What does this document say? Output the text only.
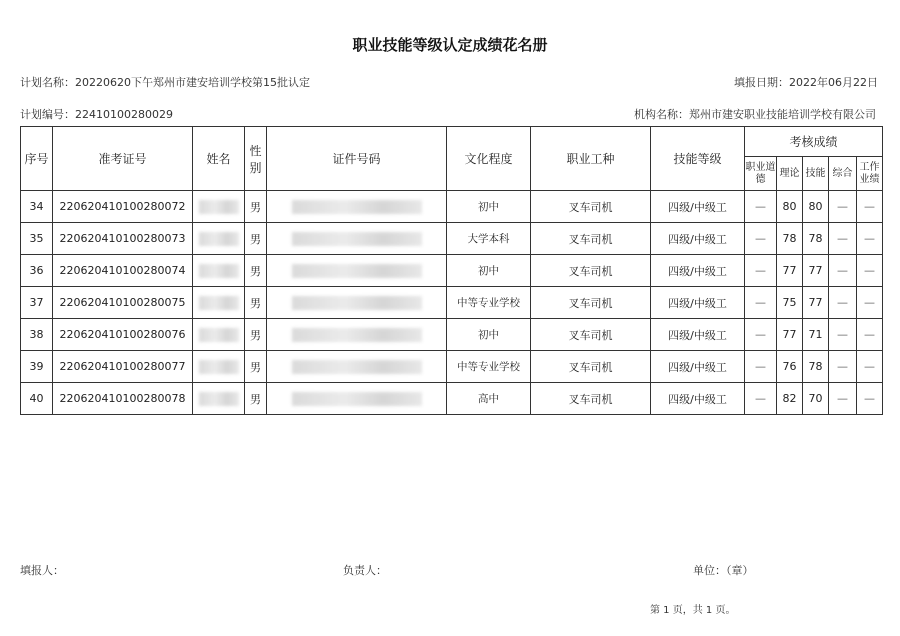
职业技能等级认定成绩花名册
计划名称：20220620下午郑州市建安培训学校第15批认定	填报日期：2022年06月22日
计划编号：22410100280029	机构名称：郑州市建安职业技能培训学校有限公司
序号	准考证号	姓名	性别	证件号码	文化程度	职业工种	技能等级	考核成绩				
								职业道德	理论	技能	综合	工作业绩
34	220620410100280072		男		初中	叉车司机	四级/中级工	—	80	80	—	—
35	220620410100280073		男		大学本科	叉车司机	四级/中级工	—	78	78	—	—
36	220620410100280074		男		初中	叉车司机	四级/中级工	—	77	77	—	—
37	220620410100280075		男		中等专业学校	叉车司机	四级/中级工	—	75	77	—	—
38	220620410100280076		男		初中	叉车司机	四级/中级工	—	77	71	—	—
39	220620410100280077		男		中等专业学校	叉车司机	四级/中级工	—	76	78	—	—
40	220620410100280078		男		高中	叉车司机	四级/中级工	—	82	70	—	—
填报人：	负责人：	单位：（章）
第 1 页，共 1 页。
